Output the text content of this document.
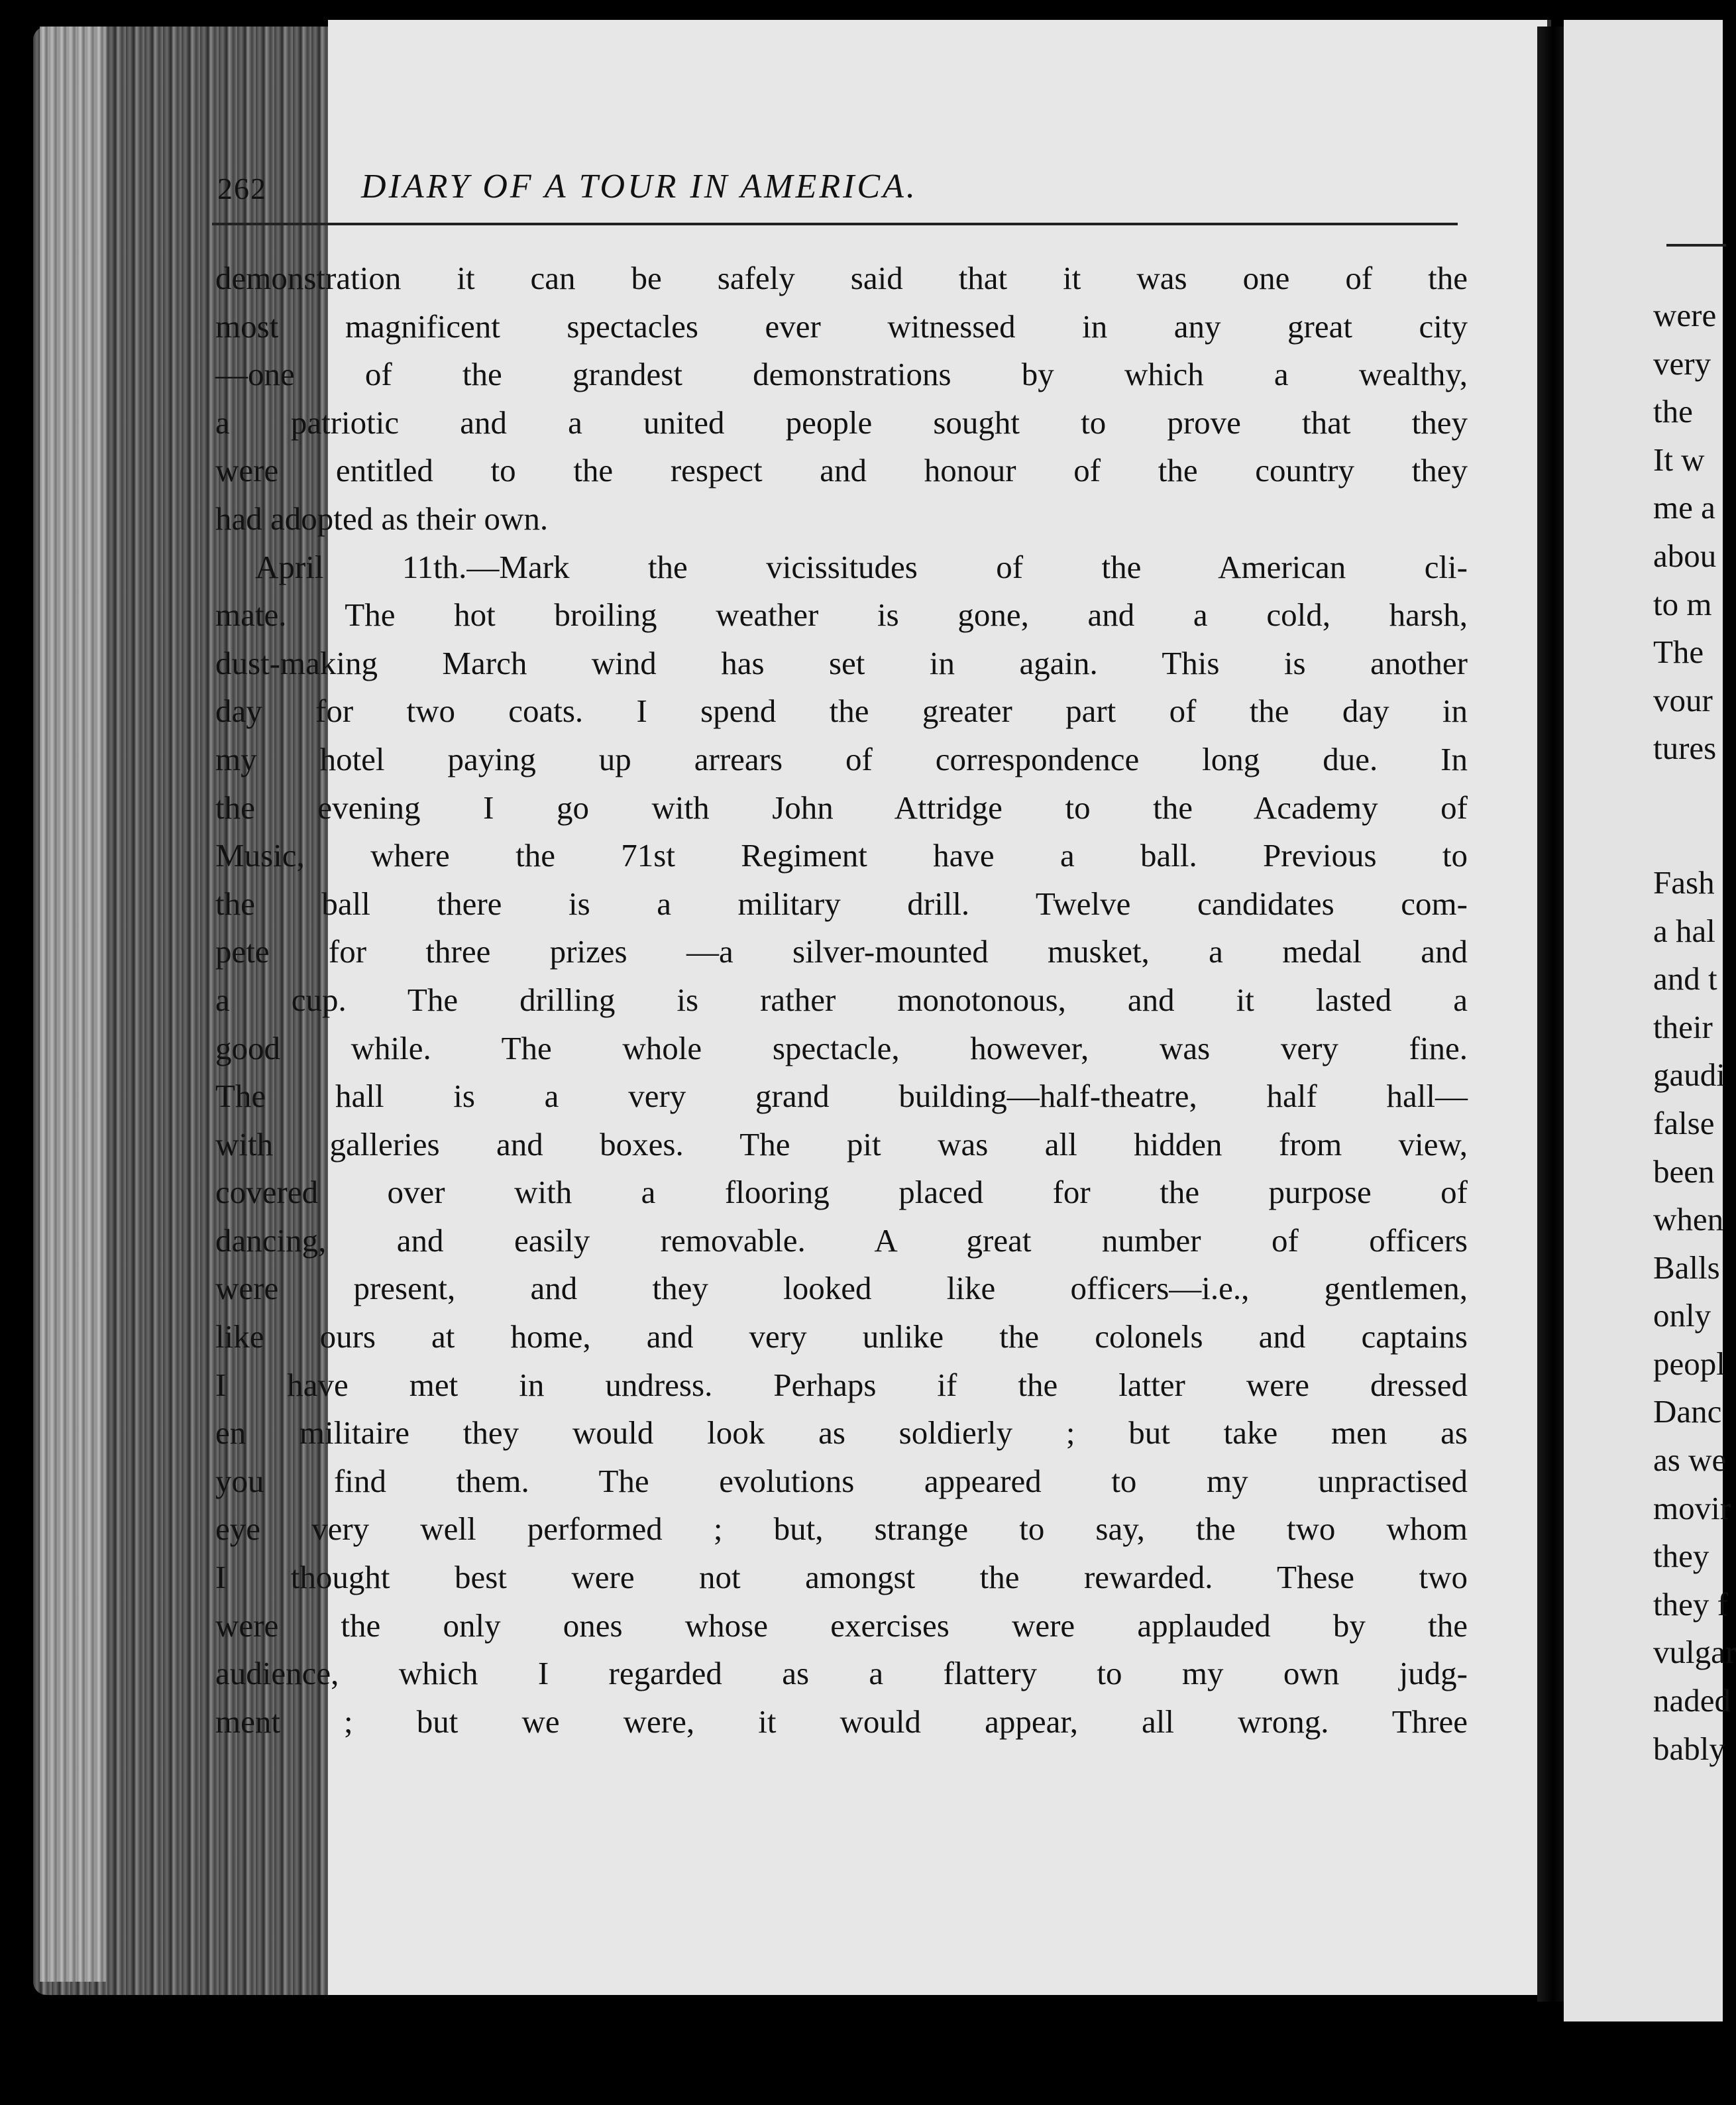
262	DIARY OF A TOUR IN AMERICA.
demonstration it can be safely said that it was one of the
most magnificent spectacles ever witnessed in any great city
—one of the grandest demonstrations by which a wealthy,
a patriotic and a united people sought to prove that they
were entitled to the respect and honour of the country they
had adopted as their own.
April 11th.—Mark the vicissitudes of the American cli-
mate. The hot broiling weather is gone, and a cold, harsh,
dust-making March wind has set in again. This is another
day for two coats. I spend the greater part of the day in
my hotel paying up arrears of correspondence long due. In
the evening I go with John Attridge to the Academy of
Music, where the 71st Regiment have a ball. Previous to
the ball there is a military drill. Twelve candidates com-
pete for three prizes —a silver-mounted musket, a medal and
a cup. The drilling is rather monotonous, and it lasted a
good while. The whole spectacle, however, was very fine.
The hall is a very grand building—half-theatre, half hall—
with galleries and boxes. The pit was all hidden from view,
covered over with a flooring placed for the purpose of
dancing, and easily removable. A great number of officers
were present, and they looked like officers—i.e., gentlemen,
like ours at home, and very unlike the colonels and captains
I have met in undress. Perhaps if the latter were dressed
en militaire they would look as soldierly ; but take men as
you find them. The evolutions appeared to my unpractised
eye very well performed ; but, strange to say, the two whom
I thought best were not amongst the rewarded. These two
were the only ones whose exercises were applauded by the
audience, which I regarded as a flattery to my own judg-
ment ; but we were, it would appear, all wrong. Three
were
very
the
It w
me a
abou
to m
The
vour
tures
Fash
a hal
and t
their
gaudi
false
been
when
Balls
only
peopl
Danc
as we
movir
they
they f
vulgar
naded
bably
